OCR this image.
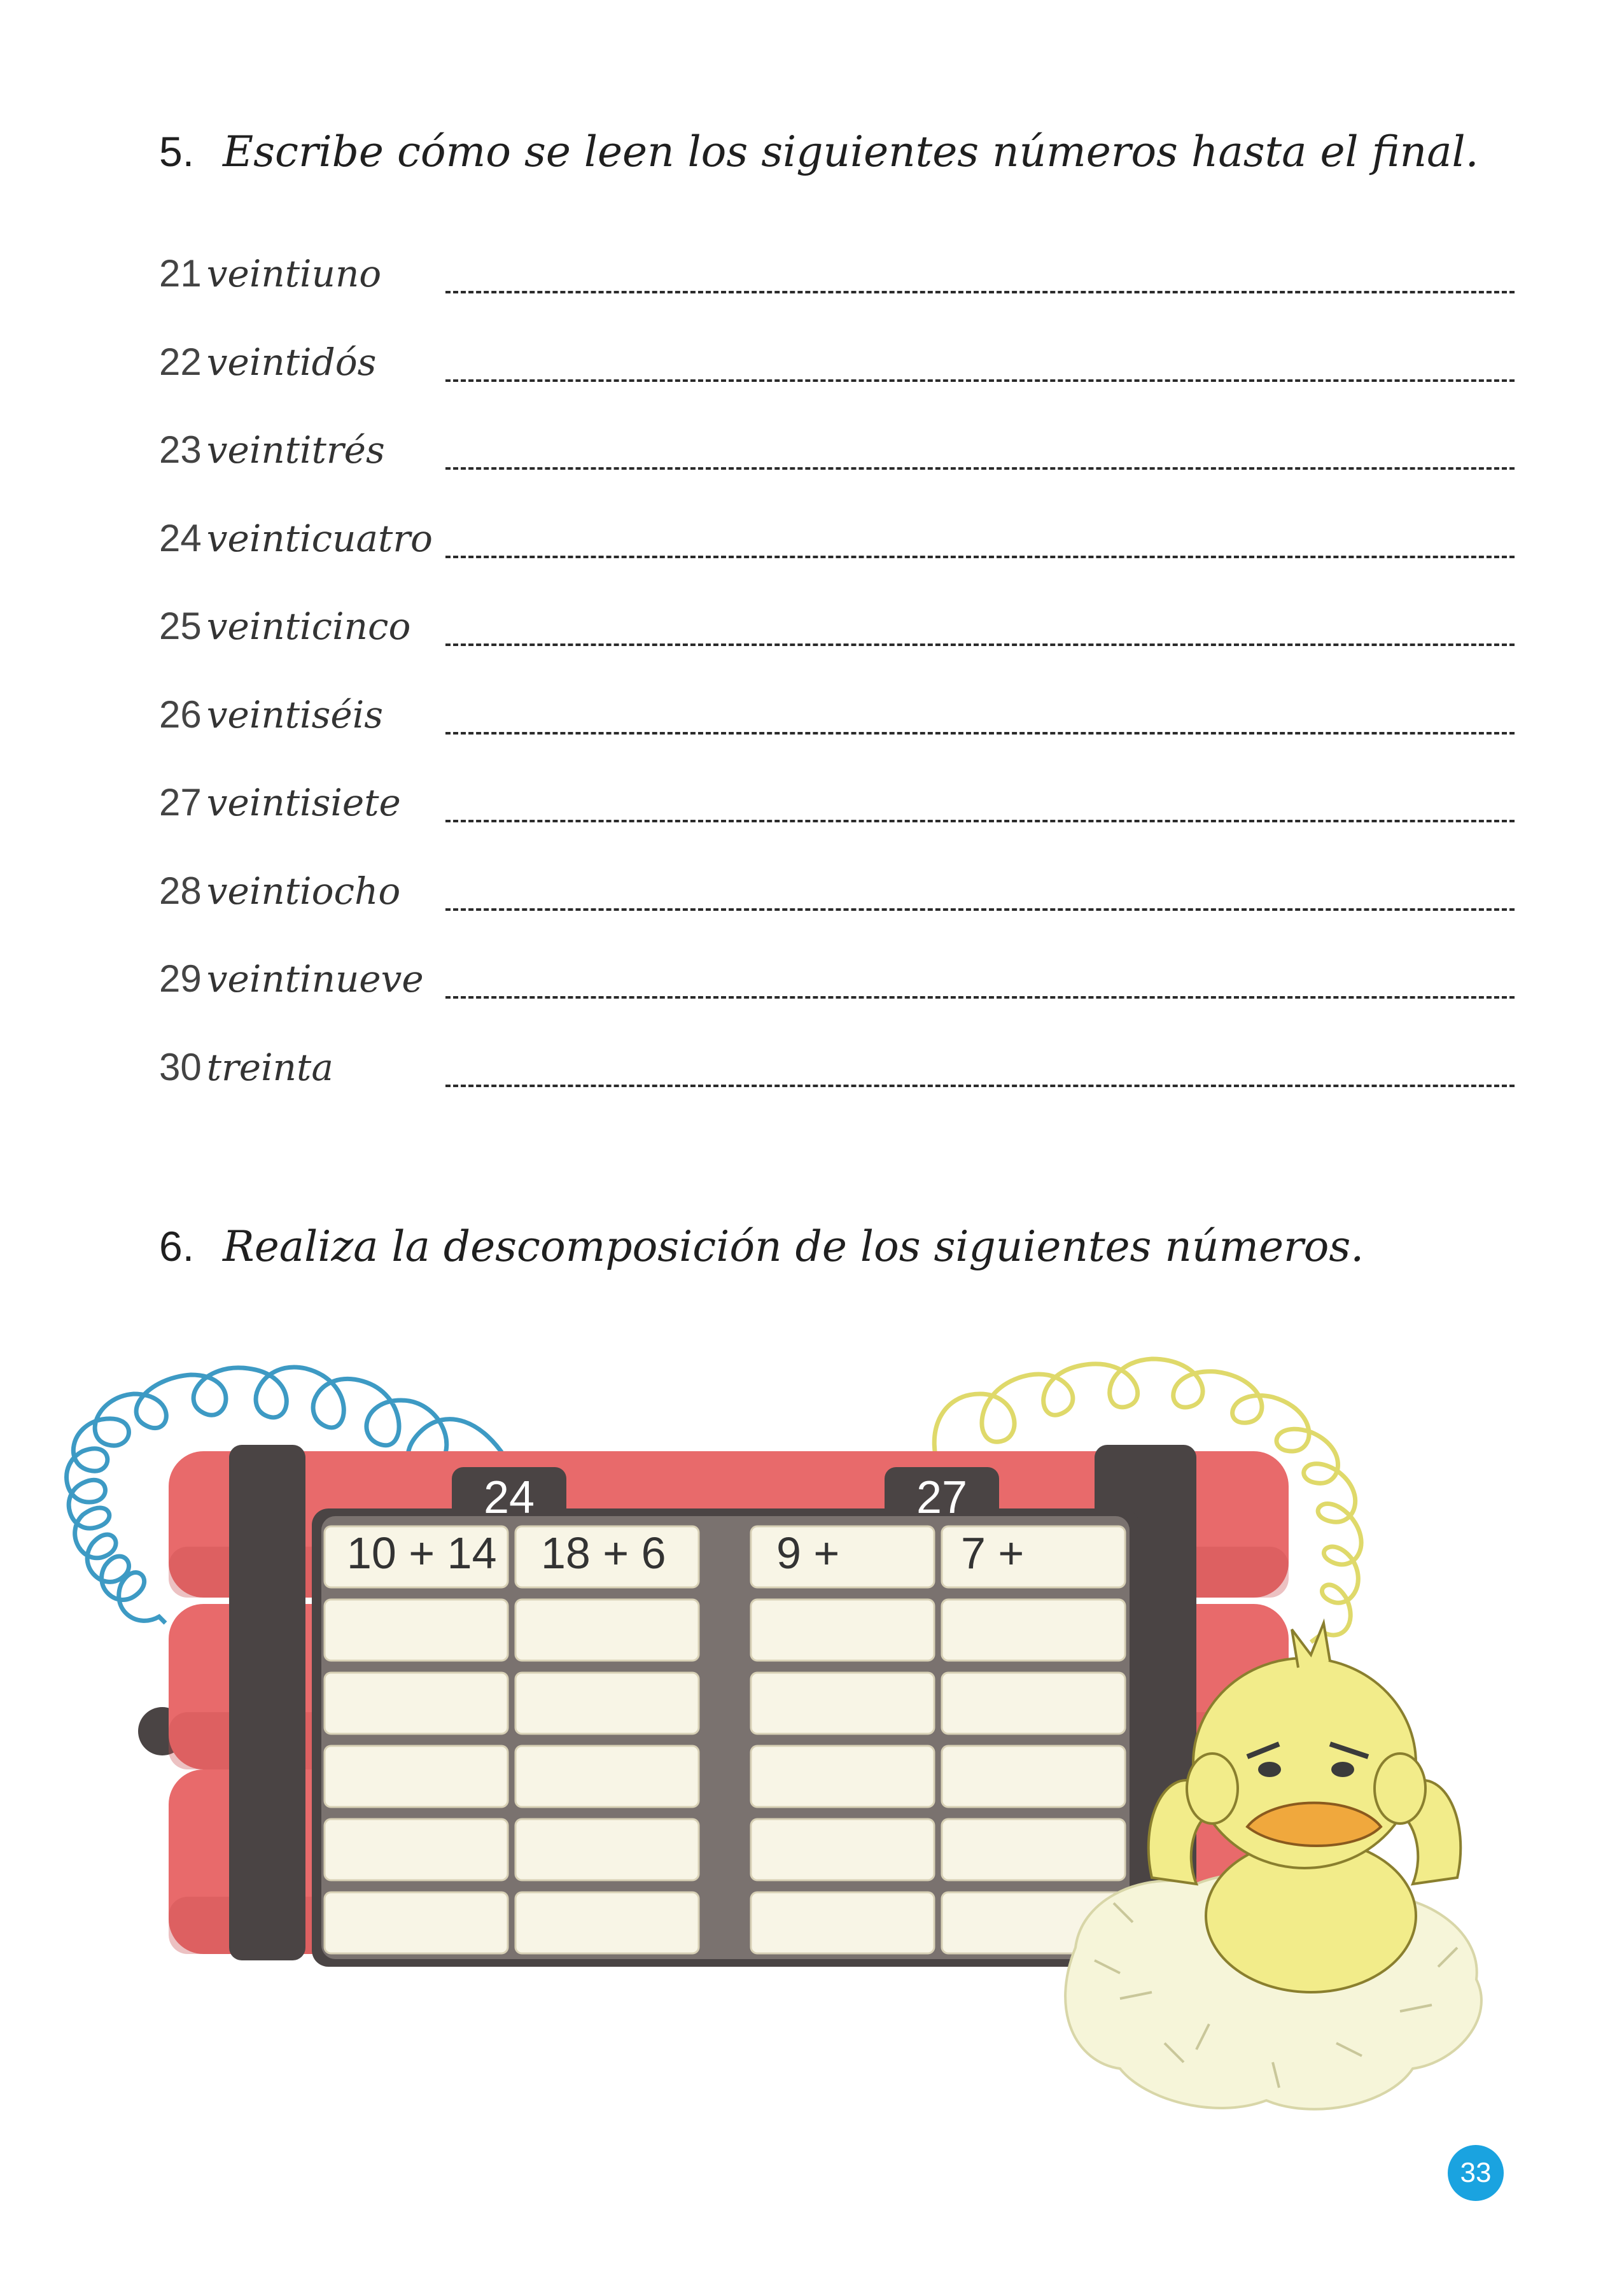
5. Escribe cómo se leen los siguientes números hasta el final.
21 veintiuno
22 veintidós
23 veintitrés
24 veinticuatro
25 veinticinco
26 veintiséis
27 veintisiete
28 veintiocho
29 veintinueve
30 treinta
6. Realiza la descomposición de los siguientes números.
24	27
10 + 14 18 + 6 9 +	7 +
33
